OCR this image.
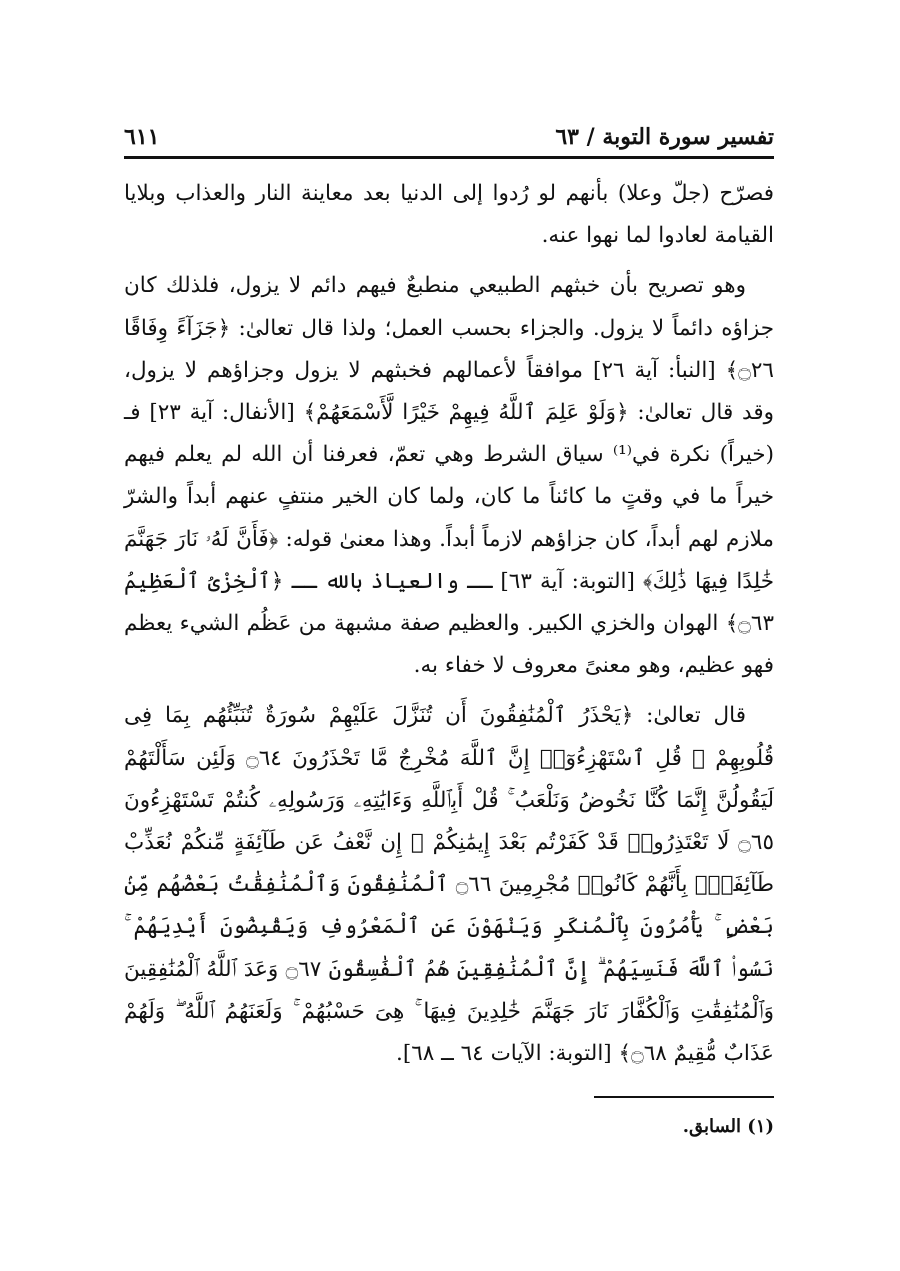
تفسير سورة التوبة / ٦٣
٦١١

فصرّح (جلّ وعلا) بأنهم لو رُدوا إلى الدنيا بعد معاينة النار والعذاب وبلايا القيامة لعادوا لما نهوا عنه.

وهو تصريح بأن خبثهم الطبيعي منطبعٌ فيهم دائم لا يزول، فلذلك كان جزاؤه دائماً لا يزول. والجزاء بحسب العمل؛ ولذا قال تعالىٰ: ﴿جَزَآءً وِفَاقًا ۝٢٦﴾ [النبأ: آية ٢٦] موافقاً لأعمالهم فخبثهم لا يزول وجزاؤهم لا يزول، وقد قال تعالىٰ: ﴿وَلَوْ عَلِمَ ٱللَّهُ فِيهِمْ خَيْرًا لَّأَسْمَعَهُمْ﴾ [الأنفال: آية ٢٣] فـ (خيراً) نكرة في⁽¹⁾ سياق الشرط وهي تعمّ، فعرفنا أن الله لم يعلم فيهم خيراً ما في وقتٍ ما كائناً ما كان، ولما كان الخير منتفٍ عنهم أبداً والشرّ ملازم لهم أبداً، كان جزاؤهم لازماً أبداً. وهذا معنىٰ قوله: ﴿فَأَنَّ لَهُۥ نَارَ جَهَنَّمَ خَٰلِدًا فِيهَا ذَٰلِكَ﴾ [التوبة: آية ٦٣] ــ والعياذ بالله ــ ﴿ٱلْخِزْىُ ٱلْعَظِيمُ ۝٦٣﴾ الهوان والخزي الكبير. والعظيم صفة مشبهة من عَظُم الشيء يعظم فهو عظيم، وهو معنىً معروف لا خفاء به.

قال تعالىٰ: ﴿يَحْذَرُ ٱلْمُنَٰفِقُونَ أَن تُنَزَّلَ عَلَيْهِمْ سُورَةٌ تُنَبِّئُهُم بِمَا فِى قُلُوبِهِمْ ۚ قُلِ ٱسْتَهْزِءُوٓا۟ إِنَّ ٱللَّهَ مُخْرِجٌ مَّا تَحْذَرُونَ ۝٦٤ وَلَئِن سَأَلْتَهُمْ لَيَقُولُنَّ إِنَّمَا كُنَّا نَخُوضُ وَنَلْعَبُ ۚ قُلْ أَبِٱللَّهِ وَءَايَٰتِهِۦ وَرَسُولِهِۦ كُنتُمْ تَسْتَهْزِءُونَ ۝٦٥ لَا تَعْتَذِرُوا۟ قَدْ كَفَرْتُم بَعْدَ إِيمَٰنِكُمْ ۚ إِن نَّعْفُ عَن طَآئِفَةٍ مِّنكُمْ نُعَذِّبْ طَآئِفَةًۢ بِأَنَّهُمْ كَانُوا۟ مُجْرِمِينَ ۝٦٦ ٱلْمُنَٰفِقُونَ وَٱلْمُنَٰفِقَٰتُ بَعْضُهُم مِّنۢ بَعْضٍ ۚ يَأْمُرُونَ بِٱلْمُنكَرِ وَيَنْهَوْنَ عَنِ ٱلْمَعْرُوفِ وَيَقْبِضُونَ أَيْدِيَهُمْ ۚ نَسُوا۟ ٱللَّهَ فَنَسِيَهُمْ ۗ إِنَّ ٱلْمُنَٰفِقِينَ هُمُ ٱلْفَٰسِقُونَ ۝٦٧ وَعَدَ ٱللَّهُ ٱلْمُنَٰفِقِينَ وَٱلْمُنَٰفِقَٰتِ وَٱلْكُفَّارَ نَارَ جَهَنَّمَ خَٰلِدِينَ فِيهَا ۚ هِىَ حَسْبُهُمْ ۚ وَلَعَنَهُمُ ٱللَّهُ ۖ وَلَهُمْ عَذَابٌ مُّقِيمٌ ۝٦٨﴾ [التوبة: الآيات ٦٤ ــ ٦٨].

(١) السابق.
